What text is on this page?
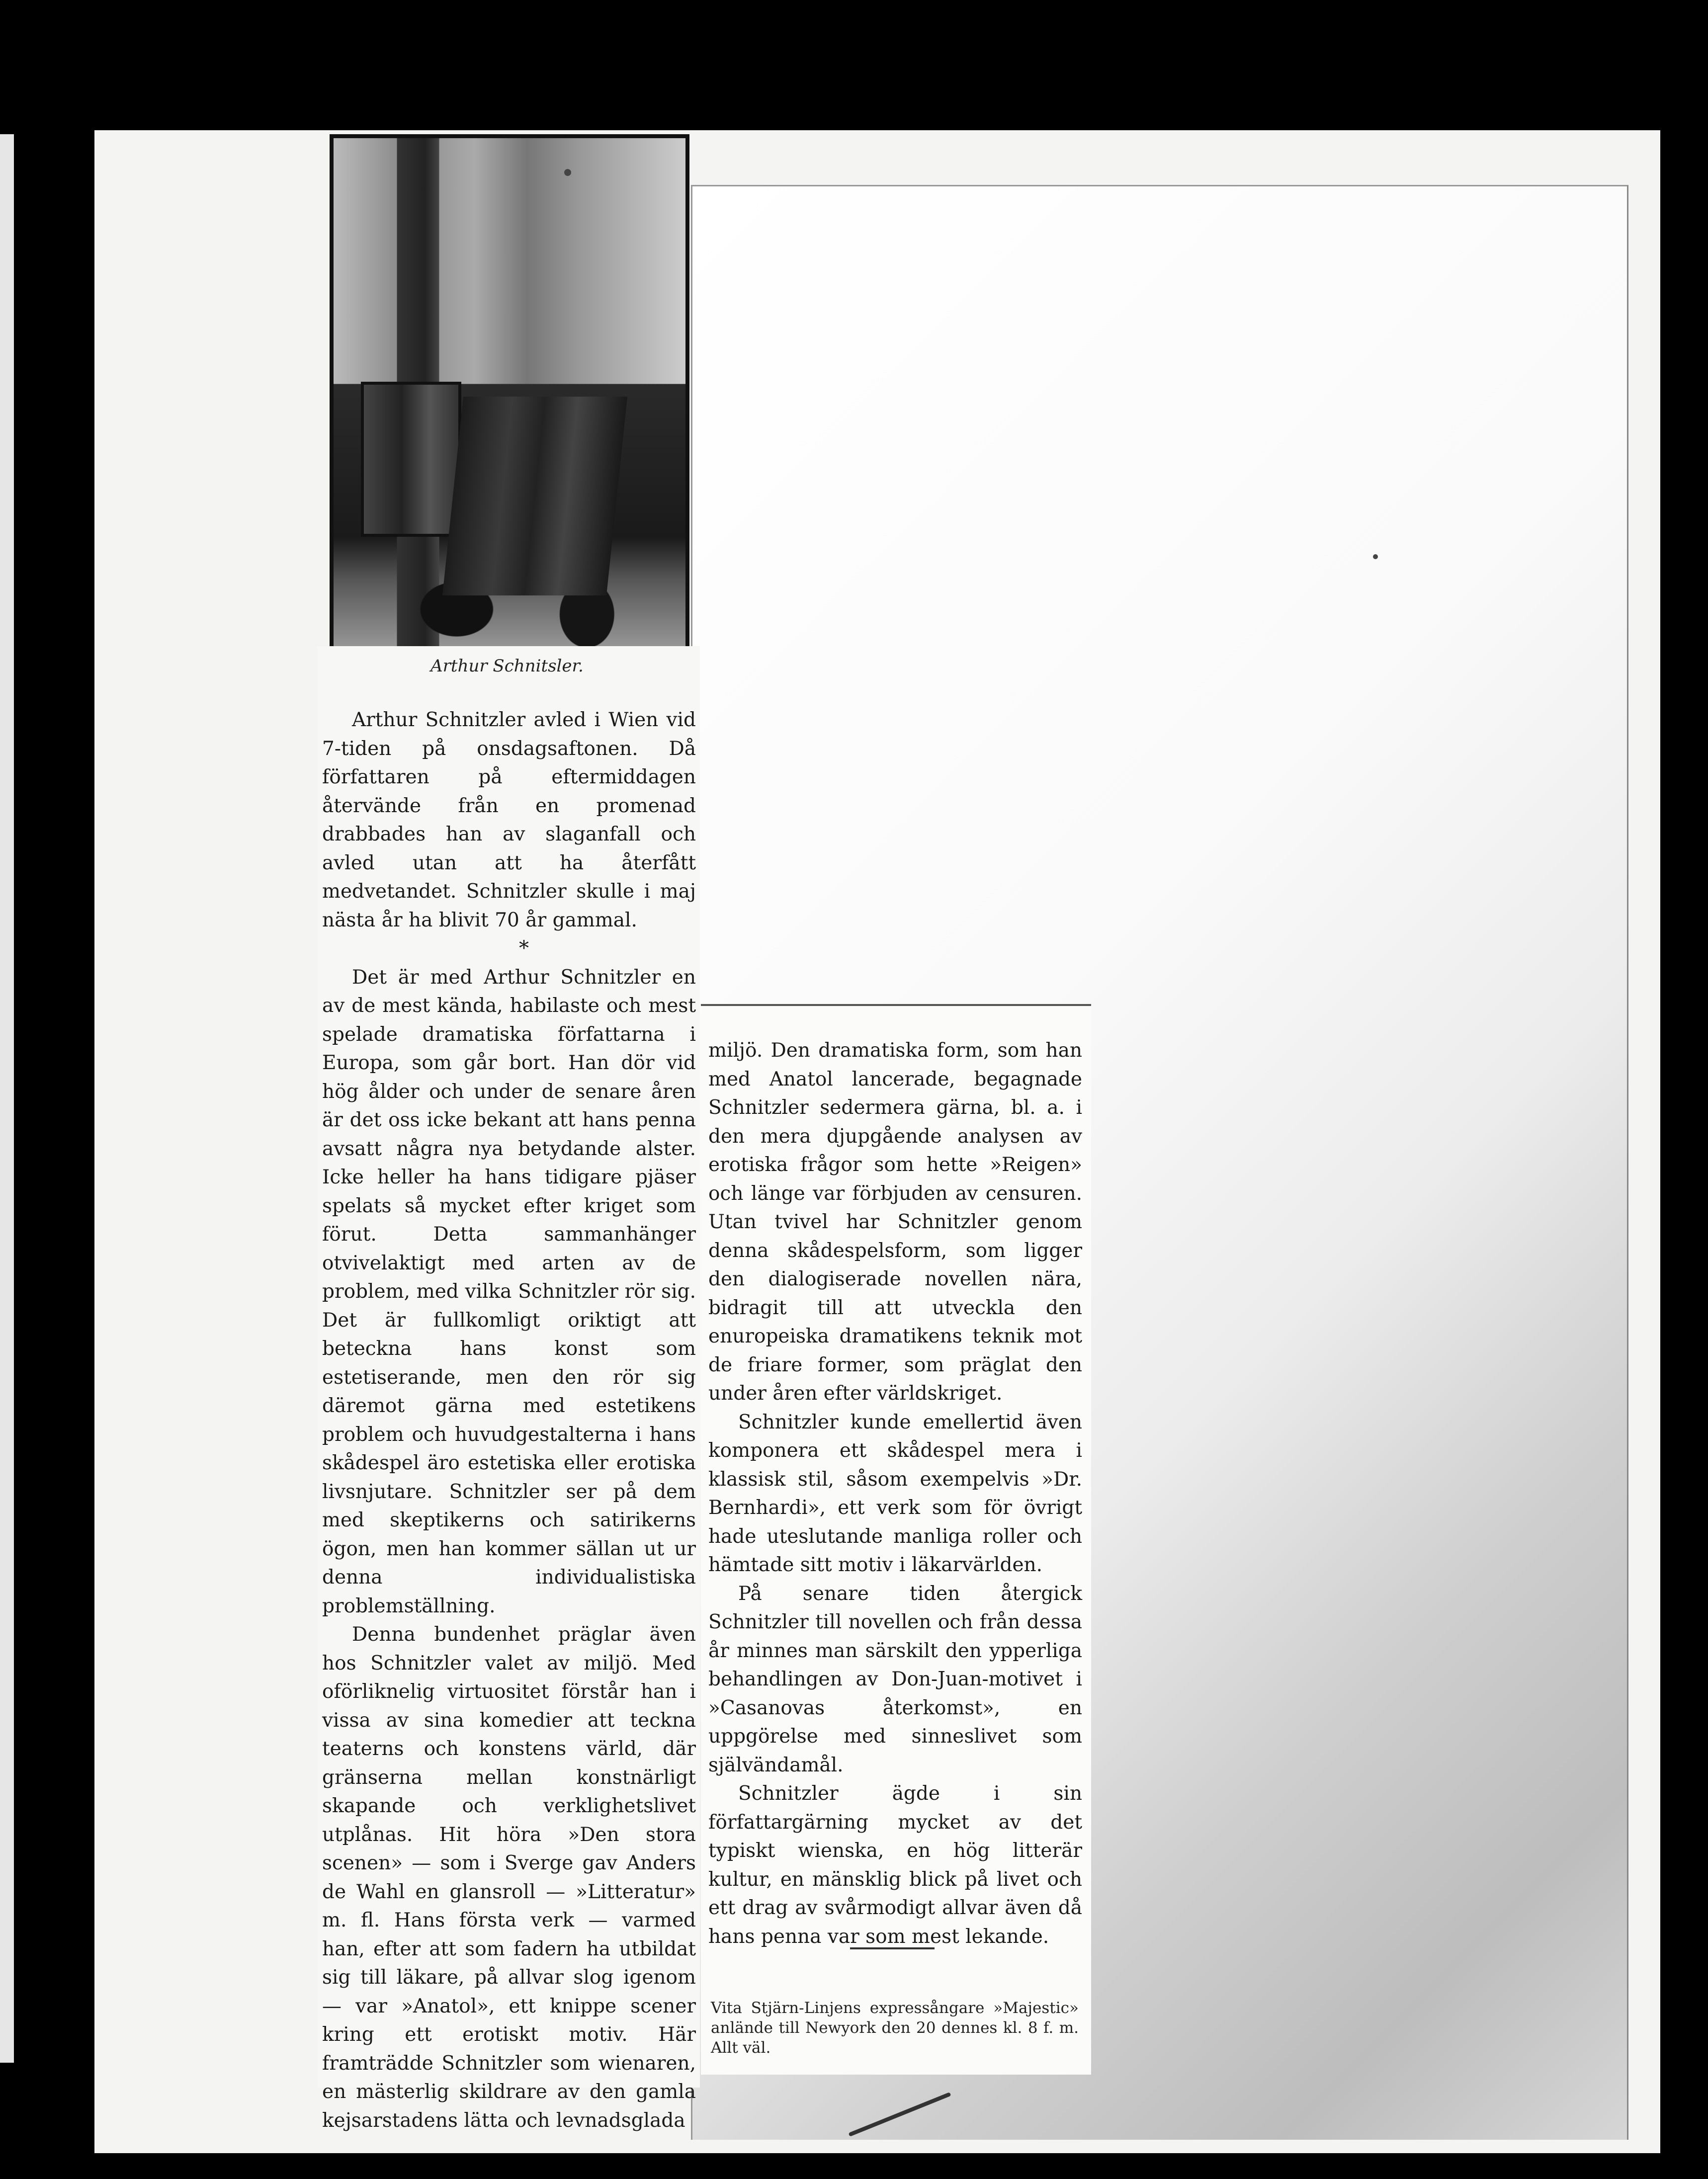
Arthur Schnitsler.

Arthur Schnitzler avled i Wien vid 7-tiden på onsdagsaftonen. Då författaren på eftermiddagen återvände från en promenad drabbades han av slaganfall och avled utan att ha återfått medvetandet. Schnitzler skulle i maj nästa år ha blivit 70 år gammal.

*

Det är med Arthur Schnitzler en av de mest kända, habilaste och mest spelade dramatiska författarna i Europa, som går bort. Han dör vid hög ålder och under de senare åren är det oss icke bekant att hans penna avsatt några nya betydande alster. Icke heller ha hans tidigare pjäser spelats så mycket efter kriget som förut. Detta sammanhänger otvivelaktigt med arten av de problem, med vilka Schnitzler rör sig. Det är fullkomligt oriktigt att beteckna hans konst som estetiserande, men den rör sig däremot gärna med estetikens problem och huvudgestalterna i hans skådespel äro estetiska eller erotiska livsnjutare. Schnitzler ser på dem med skeptikerns och satirikerns ögon, men han kommer sällan ut ur denna individualistiska problemställning.

Denna bundenhet präglar även hos Schnitzler valet av miljö. Med oförliknelig virtuositet förstår han i vissa av sina komedier att teckna teaterns och konstens värld, där gränserna mellan konstnärligt skapande och verklighetslivet utplånas. Hit höra »Den stora scenen» — som i Sverge gav Anders de Wahl en glansroll — »Litteratur» m. fl. Hans första verk — varmed han, efter att som fadern ha utbildat sig till läkare, på allvar slog igenom — var »Anatol», ett knippe scener kring ett erotiskt motiv. Här framträdde Schnitzler som wienaren, en mästerlig skildrare av den gamla kejsarstadens lätta och levnadsglada

miljö. Den dramatiska form, som han med Anatol lancerade, begagnade Schnitzler sedermera gärna, bl. a. i den mera djupgående analysen av erotiska frågor som hette »Reigen» och länge var förbjuden av censuren. Utan tvivel har Schnitzler genom denna skådespelsform, som ligger den dialogiserade novellen nära, bidragit till att utveckla den enuropeiska dramatikens teknik mot de friare former, som präglat den under åren efter världskriget.

Schnitzler kunde emellertid även komponera ett skådespel mera i klassisk stil, såsom exempelvis »Dr. Bernhardi», ett verk som för övrigt hade uteslutande manliga roller och hämtade sitt motiv i läkarvärlden.

På senare tiden återgick Schnitzler till novellen och från dessa år minnes man särskilt den ypperliga behandlingen av Don-Juan-motivet i »Casanovas återkomst», en uppgörelse med sinneslivet som självändamål.

Schnitzler ägde i sin författargärning mycket av det typiskt wienska, en hög litterär kultur, en mänsklig blick på livet och ett drag av svårmodigt allvar även då hans penna var som mest lekande.

Vita Stjärn-Linjens expressångare »Majestic» anlände till Newyork den 20 dennes kl. 8 f. m. Allt väl.
